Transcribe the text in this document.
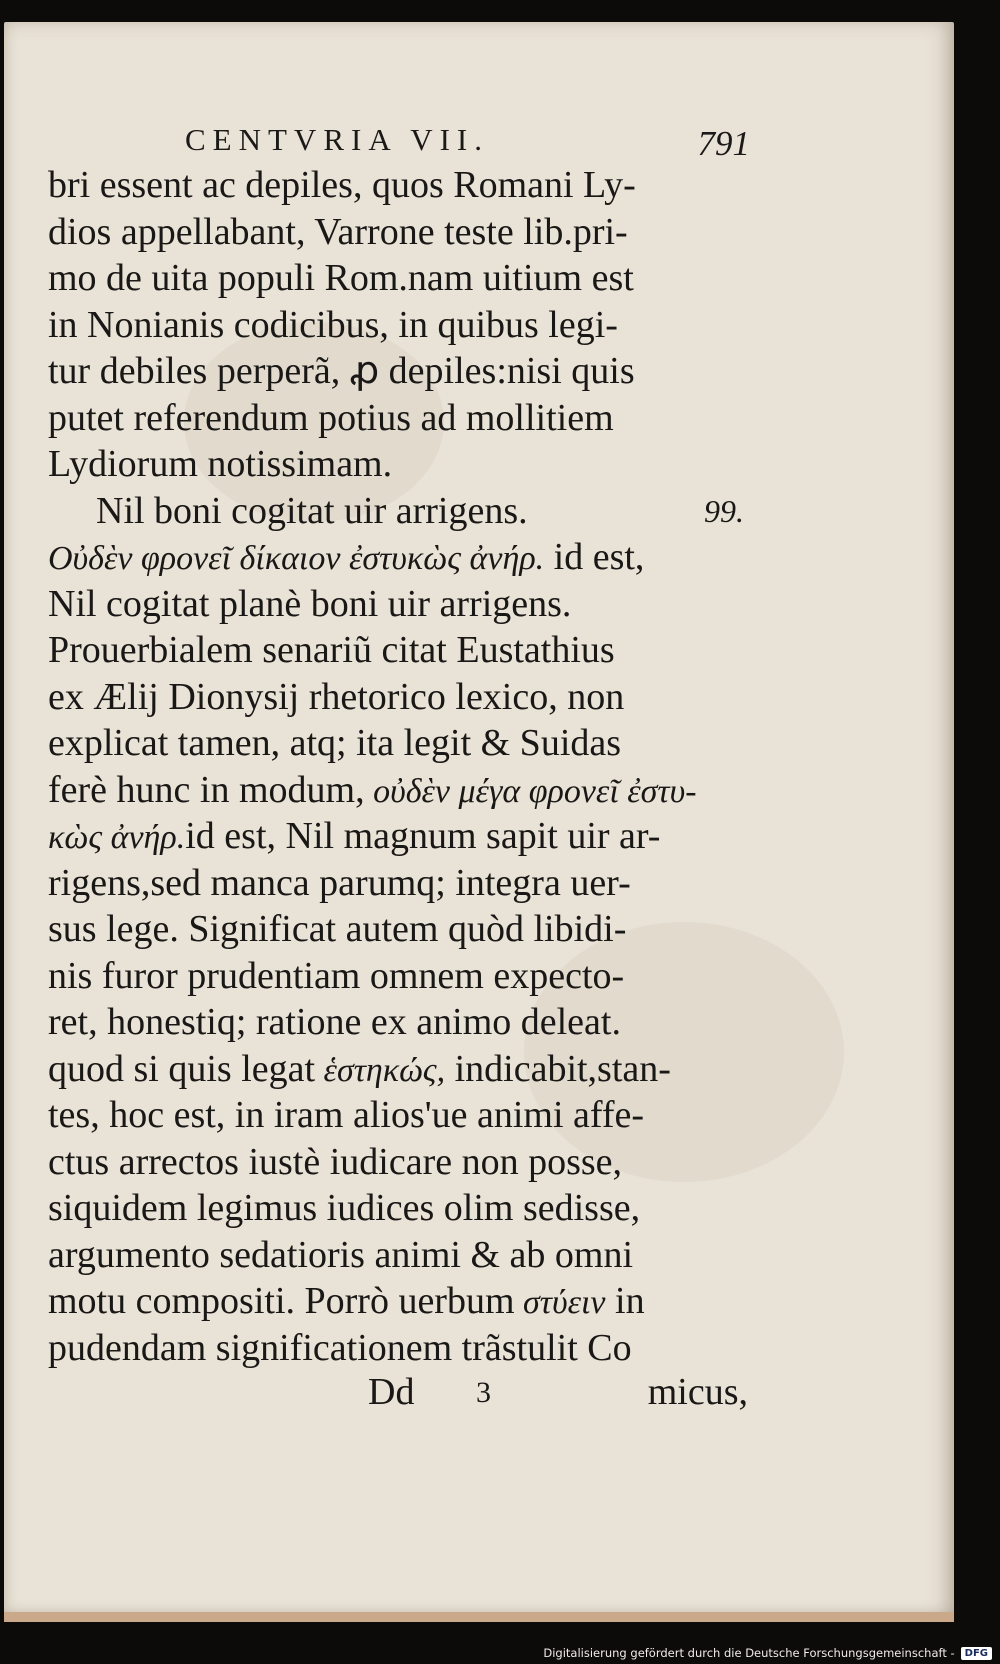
CENTVRIA VII.	791
bri essent ac depiles, quos Romani Ly-
dios appellabant, Varrone teste lib.pri-
mo de uita populi Rom.nam uitium est
in Nonianis codicibus, in quibus legi-
tur debiles perperã, ꝓ depiles:nisi quis
putet referendum potius ad mollitiem
Lydiorum notissimam.
99.
Nil boni cogitat uir arrigens.
Οὐδὲν φρονεῖ δίκαιον ἐστυκὼς ἀνήρ. id est,
Nil cogitat planè boni uir arrigens.
Prouerbialem senariũ citat Eustathius
ex Ælij Dionysij rhetorico lexico, non
explicat tamen, atq; ita legit & Suidas
ferè hunc in modum, οὐδὲν μέγα φρονεῖ ἐστυ-
κὼς ἀνήρ.id est, Nil magnum sapit uir ar-
rigens,sed manca parumq; integra uer-
sus lege. Significat autem quòd libidi-
nis furor prudentiam omnem expecto-
ret, honestiq; ratione ex animo deleat.
quod si quis legat ἑστηκώς, indicabit,stan-
tes, hoc est, in iram alios'ue animi affe-
ctus arrectos iustè iudicare non posse,
siquidem legimus iudices olim sedisse,
argumento sedatioris animi & ab omni
motu compositi. Porrò uerbum στύειν in
pudendam significationem trãstulit Co
Dd 3	micus,
Digitalisierung gefördert durch die Deutsche Forschungsgemeinschaft -	DFG
